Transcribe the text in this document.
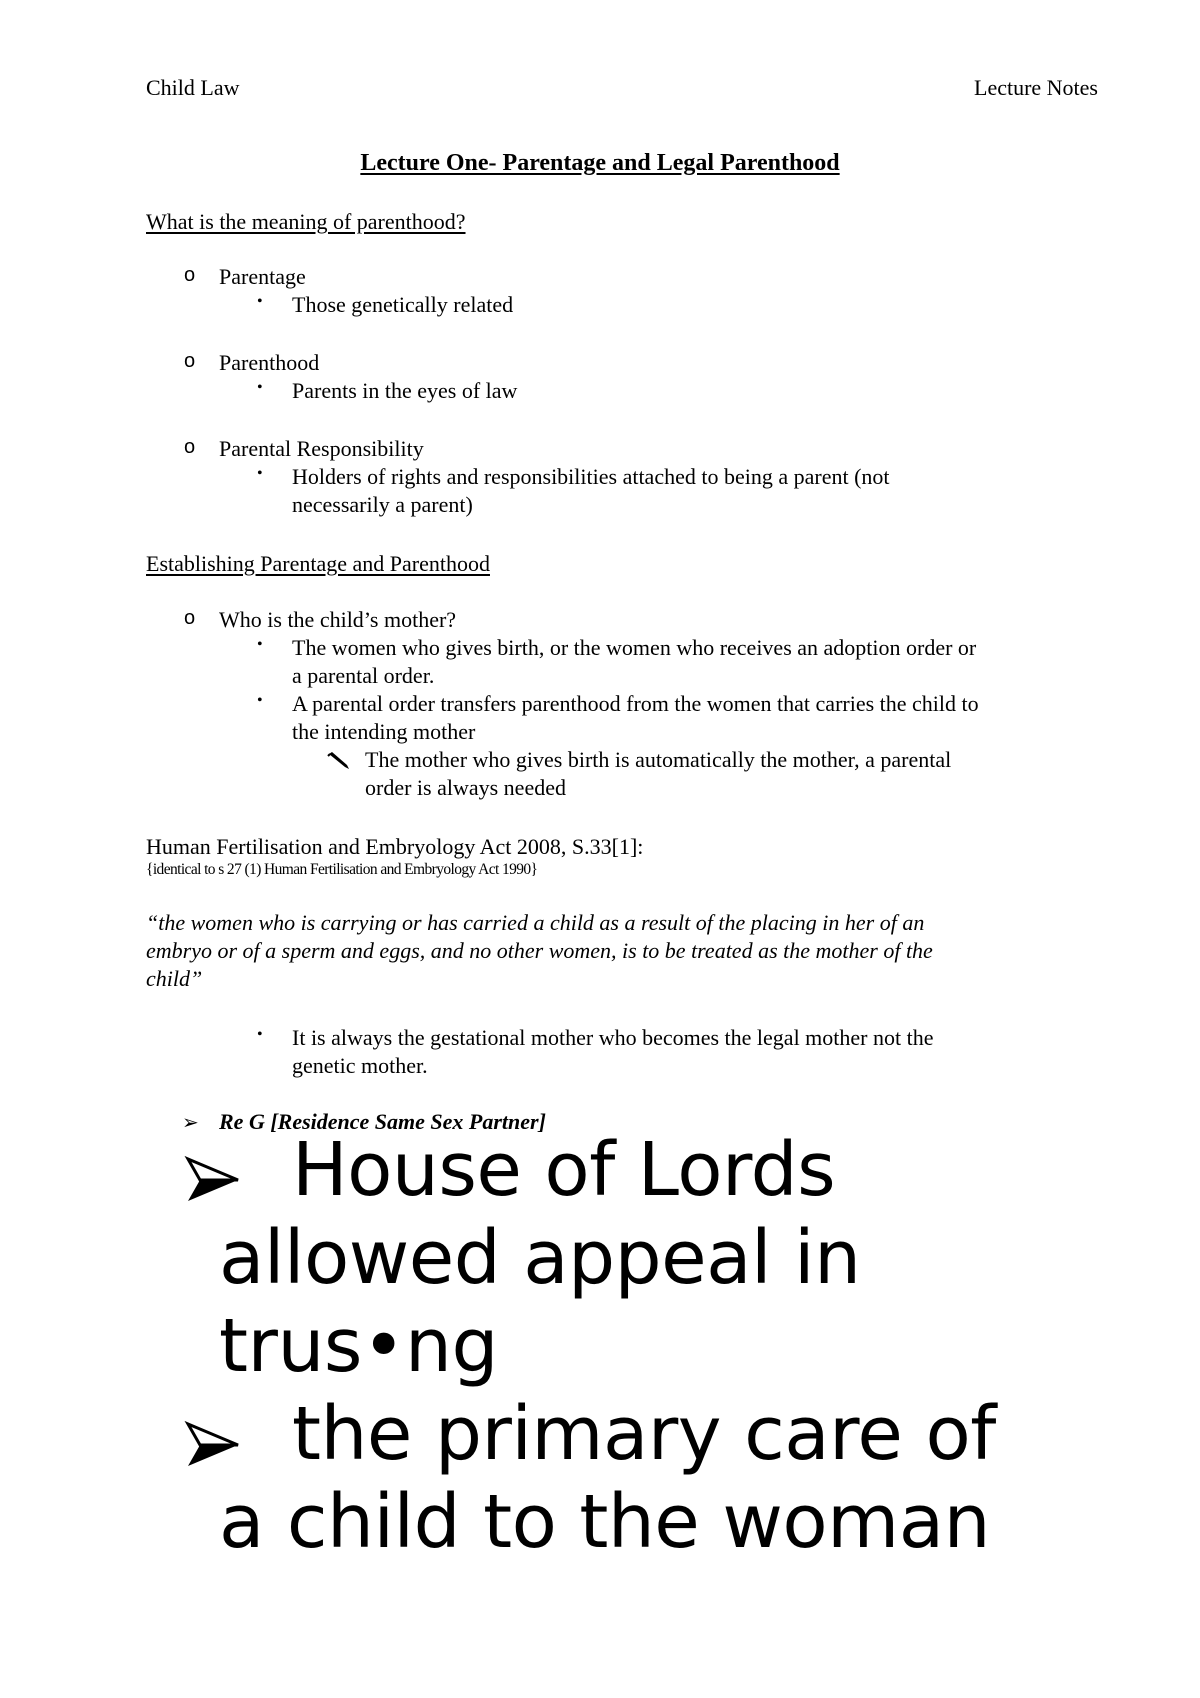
Child Law	Lecture Notes
Lecture One- Parentage and Legal Parenthood
What is the meaning of parenthood?
o Parentage
• Those genetically related
o Parenthood
• Parents in the eyes of law
o Parental Responsibility
• Holders of rights and responsibilities attached to being a parent (not
necessarily a parent)
Establishing Parentage and Parenthood
o Who is the child’s mother?
• The women who gives birth, or the women who receives an adoption order or
a parental order.
• A parental order transfers parenthood from the women that carries the child to
the intending mother
The mother who gives birth is automatically the mother, a parental
order is always needed
Human Fertilisation and Embryology Act 2008, S.33[1]:
{identical to s 27 (1) Human Fertilisation and Embryology Act 1990}
“the women who is carrying or has carried a child as a result of the placing in her of an
embryo or of a sperm and eggs, and no other women, is to be treated as the mother of the
child”
• It is always the gestational mother who becomes the legal mother not the
genetic mother.
➢ Re G [Residence Same Sex Partner]
House of Lords
allowed appeal in
trus•ng
the primary care of
a child to the woman
